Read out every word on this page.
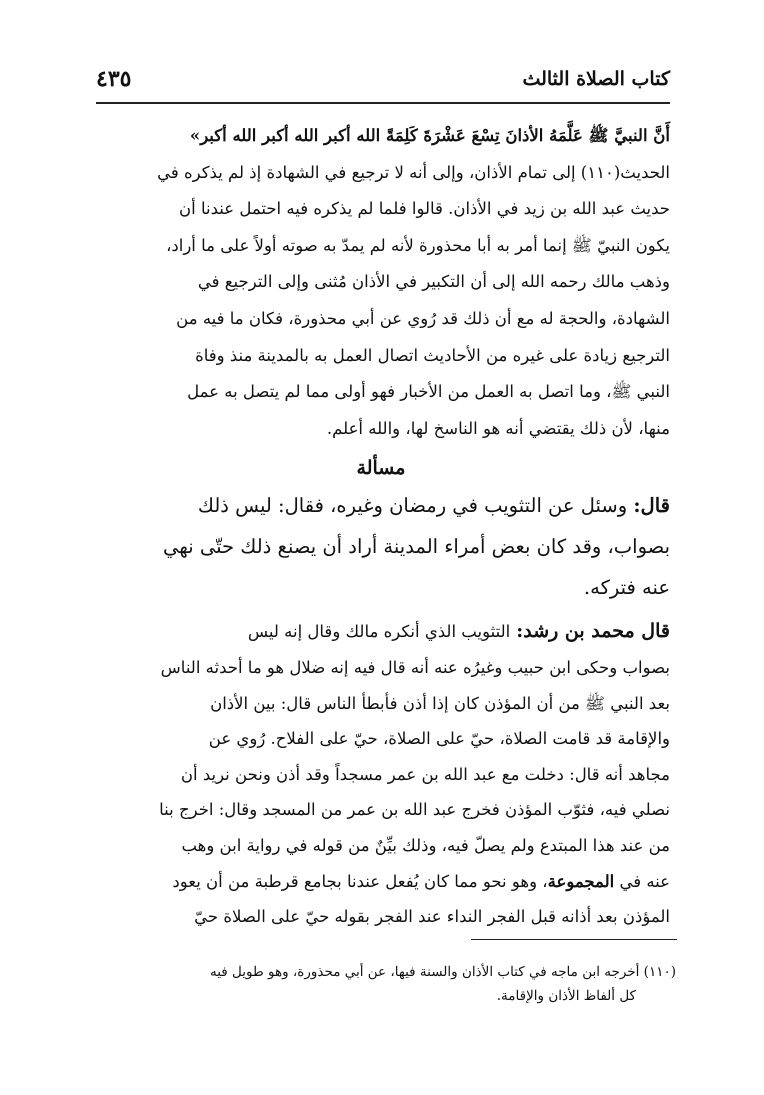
كتاب الصلاة الثالث
٤٣٥

أَنَّ النبيَّ ﷺ عَلَّمَهُ الأذانَ تِسْعَ عَشْرَةَ كَلِمَةً الله أكبر الله أكبر الله أكبر»

الحديث(١١٠) إلى تمام الأذان، وإلى أنه لا ترجيع في الشهادة إذ لم يذكره في

حديث عبد الله بن زيد في الأذان. قالوا فلما لم يذكره فيه احتمل عندنا أن

يكون النبيّ ﷺ إنما أمر به أبا محذورة لأنه لم يمدّ به صوته أولاً على ما أراد،

وذهب مالك رحمه الله إلى أن التكبير في الأذان مُثنى وإلى الترجيع في

الشهادة، والحجة له مع أن ذلك قد رُوي عن أبي محذورة، فكان ما فيه من

الترجيع زيادة على غيره من الأحاديث اتصال العمل به بالمدينة منذ وفاة

النبي ﷺ، وما اتصل به العمل من الأخبار فهو أولى مما لم يتصل به عمل

منها، لأن ذلك يقتضي أنه هو الناسخ لها، والله أعلم.

مسألة

قال: وسئل عن التثويب في رمضان وغيره، فقال: ليس ذلك

بصواب، وقد كان بعض أمراء المدينة أراد أن يصنع ذلك حتّى نهي

عنه فتركه.

قال محمد بن رشد: التثويب الذي أنكره مالك وقال إنه ليس

بصواب وحكى ابن حبيب وغيرُه عنه أنه قال فيه إنه ضلال هو ما أحدثه الناس

بعد النبي ﷺ من أن المؤذن كان إذا أذن فأبطأ الناس قال: بين الأذان

والإقامة قد قامت الصلاة، حيّ على الصلاة، حيّ على الفلاح. رُوي عن

مجاهد أنه قال: دخلت مع عبد الله بن عمر مسجداً وقد أذن ونحن نريد أن

نصلي فيه، فثوّب المؤذن فخرج عبد الله بن عمر من المسجد وقال: اخرج بنا

من عند هذا المبتدع ولم يصلّ فيه، وذلك بيِّنٌ من قوله في رواية ابن وهب

عنه في المجموعة، وهو نحو مما كان يُفعل عندنا بجامع قرطبة من أن يعود

المؤذن بعد أذانه قبل الفجر النداء عند الفجر بقوله حيّ على الصلاة حيّ

(١١٠) أخرجه ابن ماجه في كتاب الأذان والسنة فيها، عن أبي محذورة، وهو طويل فيه
كل ألفاظ الأذان والإقامة.
